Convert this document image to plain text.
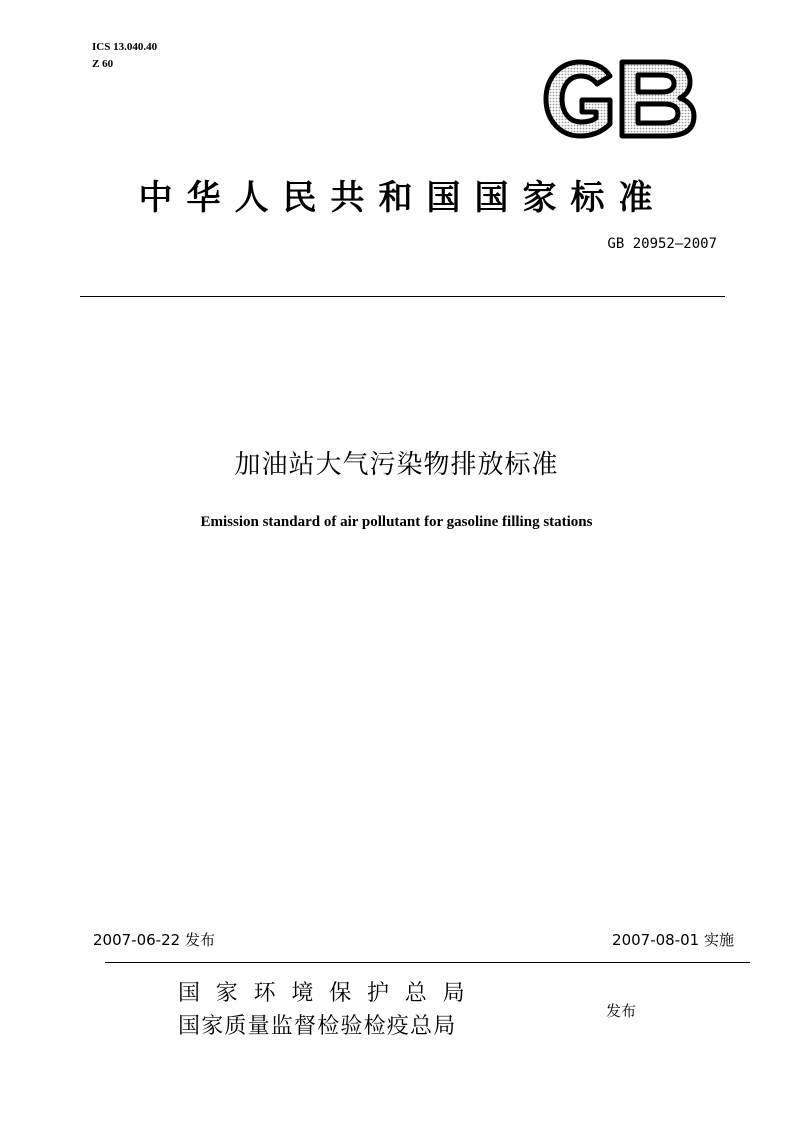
ICS 13.040.40
Z 60
中华人民共和国国家标准
GB 20952—2007
加油站大气污染物排放标准
Emission standard of air pollutant for gasoline filling stations
2007-06-22 发布	2007-08-01 实施
国家环境保护总局
国家质量监督检验检疫总局
发布
